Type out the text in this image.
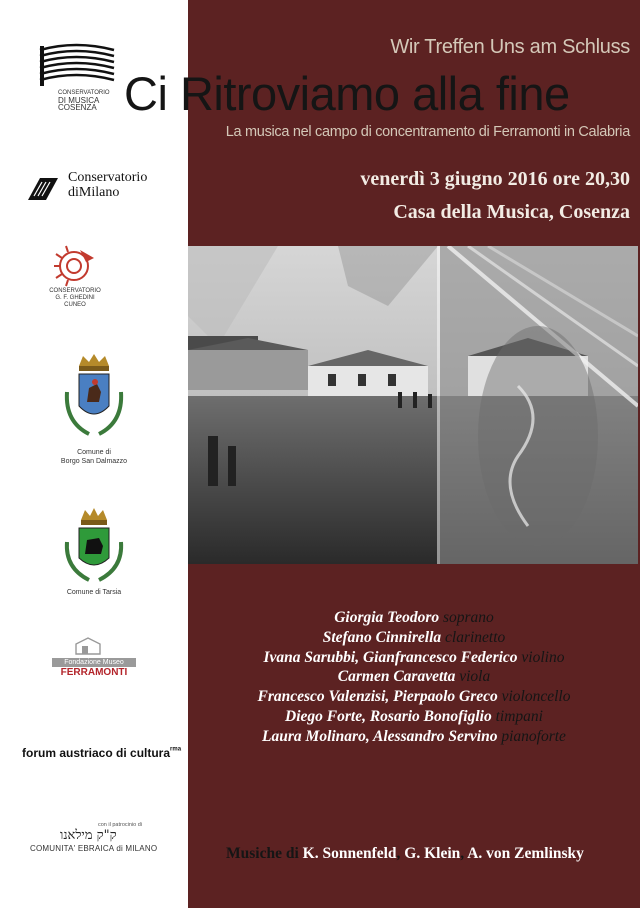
CONSERVATORIO
DI MUSICA
COSENZA
Conservatorio
diMilano
CONSERVATORIO
G. F. GHEDINI
CUNEO
Comune di
Borgo San Dalmazzo
Comune di Tarsia
Fondazione Museo
FERRAMONTI
forum austriaco di cultura$^{rma}$
con il patrocinio di
ק"ק מילאנו
COMUNITA' EBRAICA di MILANO
Wir Treffen Uns am Schluss
Ci Ritroviamo alla fine
La musica nel campo di concentramento di Ferramonti in Calabria
venerdì 3 giugno 2016 ore 20,30
Casa della Musica, Cosenza
Giorgia Teodoro soprano
Stefano Cinnirella clarinetto
Ivana Sarubbi, Gianfrancesco Federico violino
Carmen Caravetta viola
Francesco Valenzisi, Pierpaolo Greco violoncello
Diego Forte, Rosario Bonofiglio timpani
Laura Molinaro, Alessandro Servino pianoforte
Musiche di K. Sonnenfeld, G. Klein, A. von Zemlinsky
